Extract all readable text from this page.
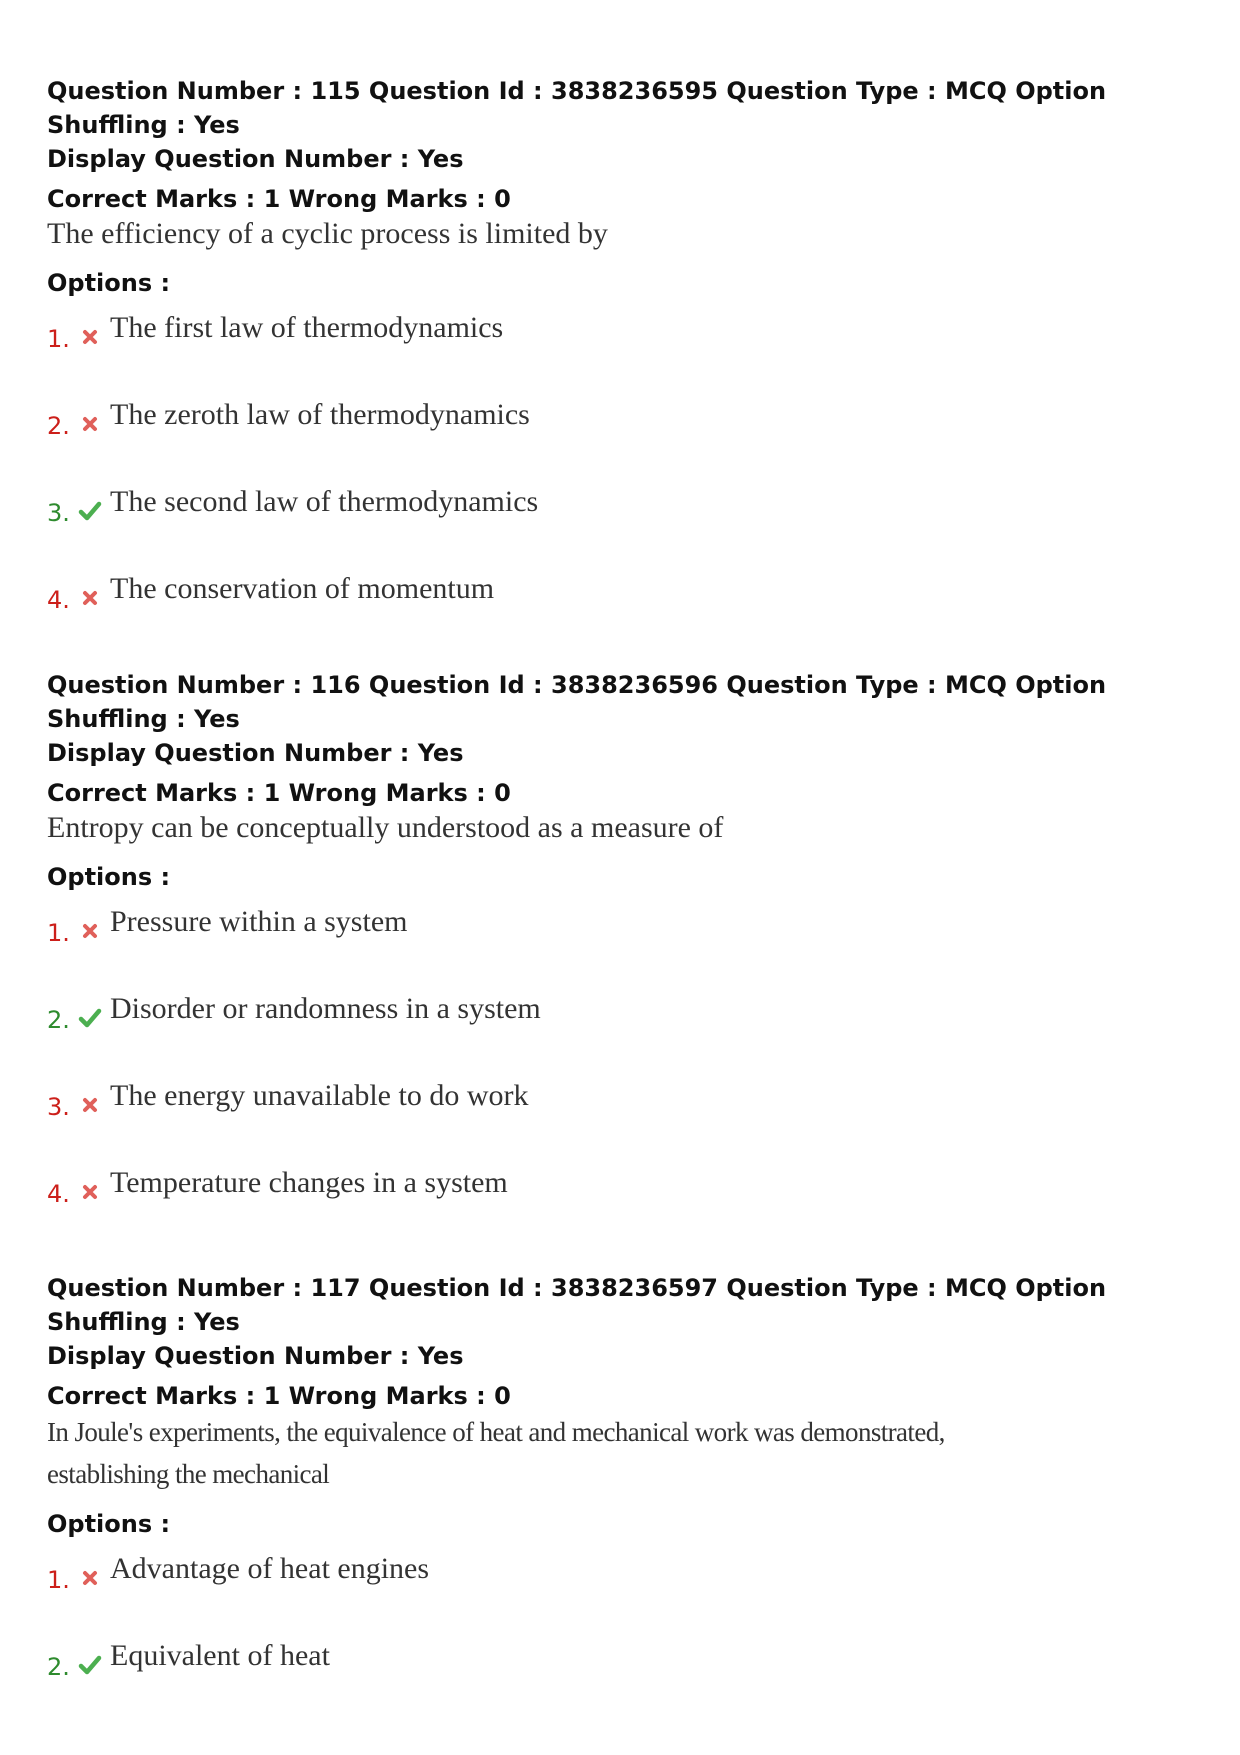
Question Number : 115 Question Id : 3838236595 Question Type : MCQ Option Shuffling : Yes

Display Question Number : Yes

Correct Marks : 1 Wrong Marks : 0

The efficiency of a cyclic process is limited by

Options :

1. The first law of thermodynamics
2. The zeroth law of thermodynamics
3. The second law of thermodynamics
4. The conservation of momentum

Question Number : 116 Question Id : 3838236596 Question Type : MCQ Option Shuffling : Yes

Display Question Number : Yes

Correct Marks : 1 Wrong Marks : 0

Entropy can be conceptually understood as a measure of

Options :

1. Pressure within a system
2. Disorder or randomness in a system
3. The energy unavailable to do work
4. Temperature changes in a system

Question Number : 117 Question Id : 3838236597 Question Type : MCQ Option Shuffling : Yes

Display Question Number : Yes

Correct Marks : 1 Wrong Marks : 0

In Joule's experiments, the equivalence of heat and mechanical work was demonstrated,

establishing the mechanical

Options :

1. Advantage of heat engines
2. Equivalent of heat
